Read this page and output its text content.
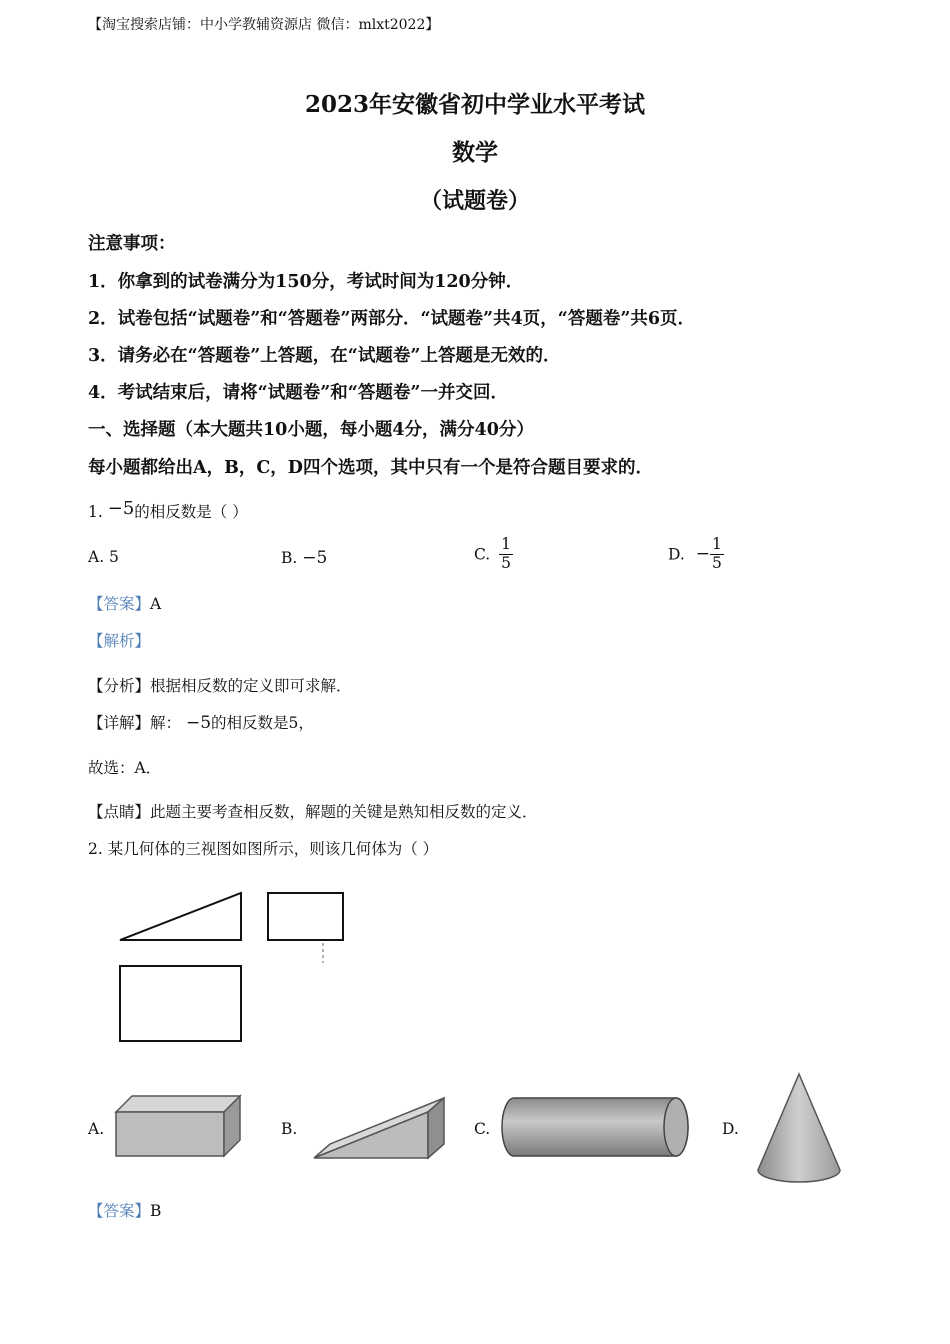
【淘宝搜索店铺：中小学教辅资源店 微信：mlxt2022】
2023年安徽省初中学业水平考试
数学
（试题卷）
注意事项：
1．你拿到的试卷满分为150分，考试时间为120分钟．
2．试卷包括“试题卷”和“答题卷”两部分．“试题卷”共4页，“答题卷”共6页．
3．请务必在“答题卷”上答题，在“试题卷”上答题是无效的．
4．考试结束后，请将“试题卷”和“答题卷”一并交回．
一、选择题（本大题共10小题，每小题4分，满分40分）
每小题都给出A，B，C，D四个选项，其中只有一个是符合题目要求的．
1. −5的相反数是（ ）
A. 5	B. −5	C. $\frac{1}{5}$	D. − $\frac{1}{5}$
【答案】A
【解析】
【分析】根据相反数的定义即可求解．
【详解】解： −5的相反数是5，
故选：A．
【点睛】此题主要考查相反数，解题的关键是熟知相反数的定义．
2. 某几何体的三视图如图所示，则该几何体为（ ）
A.	B.	C.	D.
【答案】B
